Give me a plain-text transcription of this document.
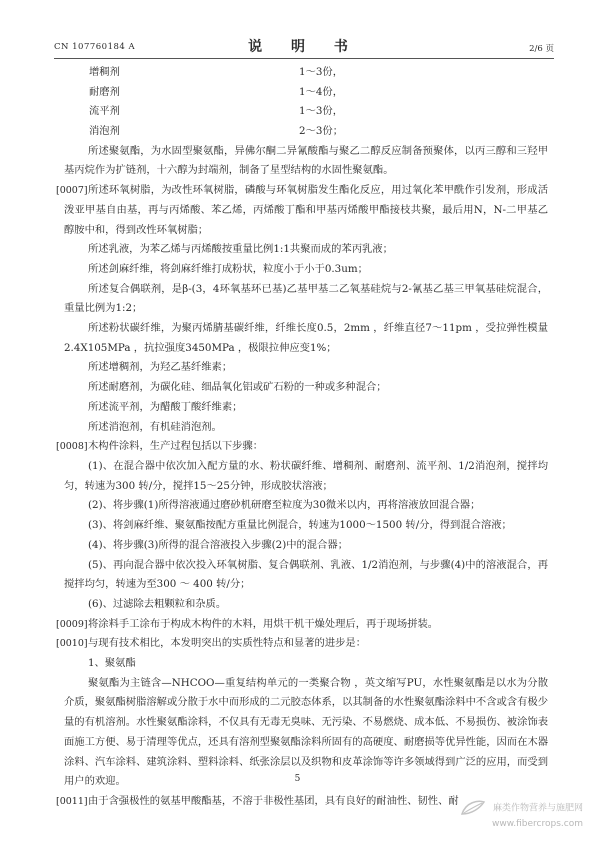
CN 107760184 A	说 明 书	2/6 页
增稠剂	1～3份，
耐磨剂	1～4份，
流平剂	1～3份，
消泡剂	2～3份；

所述聚氨酯，为水固型聚氨酯，异佛尔酮二异氰酸酯与聚乙二醇反应制备预聚体，以丙三醇和三羟甲基丙烷作为扩链剂，十六醇为封端剂，制备了星型结构的水固性聚氨酯。

[0007] 所述环氧树脂，为改性环氧树脂，磷酸与环氧树脂发生酯化反应，用过氧化苯甲酰作引发剂，形成活泼亚甲基自由基，再与丙烯酸、苯乙烯，丙烯酸丁酯和甲基丙烯酸甲酯接枝共聚，最后用N，N-二甲基乙醇胺中和，得到改性环氧树脂；

所述乳液，为苯乙烯与丙烯酸按重量比例1:1共聚而成的苯丙乳液；

所述剑麻纤维，将剑麻纤维打成粉状，粒度小于小于0.3um；

所述复合偶联剂，是β-(3，4环氧基环已基)乙基甲基二乙氧基硅烷与2-氰基乙基三甲氧基硅烷混合，重量比例为1:2；

所述粉状碳纤维，为聚丙烯腈基碳纤维，纤维长度0.5，2mm ，纤维直径7～11pm ，受拉弹性模量2.4X105MPa ，抗拉强度3450MPa ，极限拉伸应变1%；

所述增稠剂，为羟乙基纤维素；

所述耐磨剂，为碳化硅、细晶氧化铝或矿石粉的一种或多种混合；

所述流平剂，为醋酸丁酸纤维素；

所述消泡剂，有机硅消泡剂。

[0008] 木构件涂料，生产过程包括以下步骤：

(1)、在混合器中依次加入配方量的水、粉状碳纤维、增稠剂、耐磨剂、流平剂、1/2消泡剂，搅拌均匀，转速为300 转/分，搅拌15～25分钟，形成胶状溶液；

(2)、将步骤(1)所得溶液通过磨砂机研磨至粒度为30微米以内，再将溶液放回混合器；

(3)、将剑麻纤维、聚氨酯按配方重量比例混合，转速为1000～1500 转/分，得到混合溶液；

(4)、将步骤(3)所得的混合溶液投入步骤(2)中的混合器；

(5)、再向混合器中依次投入环氧树脂、复合偶联剂、乳液、1/2消泡剂，与步骤(4)中的溶液混合，再搅拌均匀，转速为至300 ～ 400 转/分；

(6)、过滤除去粗颗粒和杂质。

[0009] 将涂料手工涂布于构成木构件的木料，用烘干机干燥处理后，再于现场拼装。

[0010] 与现有技术相比，本发明突出的实质性特点和显著的进步是：

1、聚氨酯

聚氨酯为主链含—NHCOO—重复结构单元的一类聚合物 ，英文缩写PU，水性聚氨酯是以水为分散介质，聚氨酯树脂溶解或分散于水中而形成的二元胶态体系，以其制备的水性聚氨酯涂料中不含或含有极少量的有机溶剂。水性聚氨酯涂料，不仅具有无毒无臭味、无污染、不易燃烧、成本低、不易损伤、被涂饰表面施工方便、易于清理等优点，还具有溶剂型聚氨酯涂料所固有的高硬度、耐磨损等优异性能，因而在木器涂料、汽车涂料、建筑涂料、塑料涂料、纸张涂层以及织物和皮革涂饰等许多领域得到广泛的应用，而受到用户的欢迎。

[0011] 由于含强极性的氨基甲酸酯基，不溶于非极性基团，具有良好的耐油性、韧性、耐

5
麻类作物营养与施肥网
www.fibercrops.com
